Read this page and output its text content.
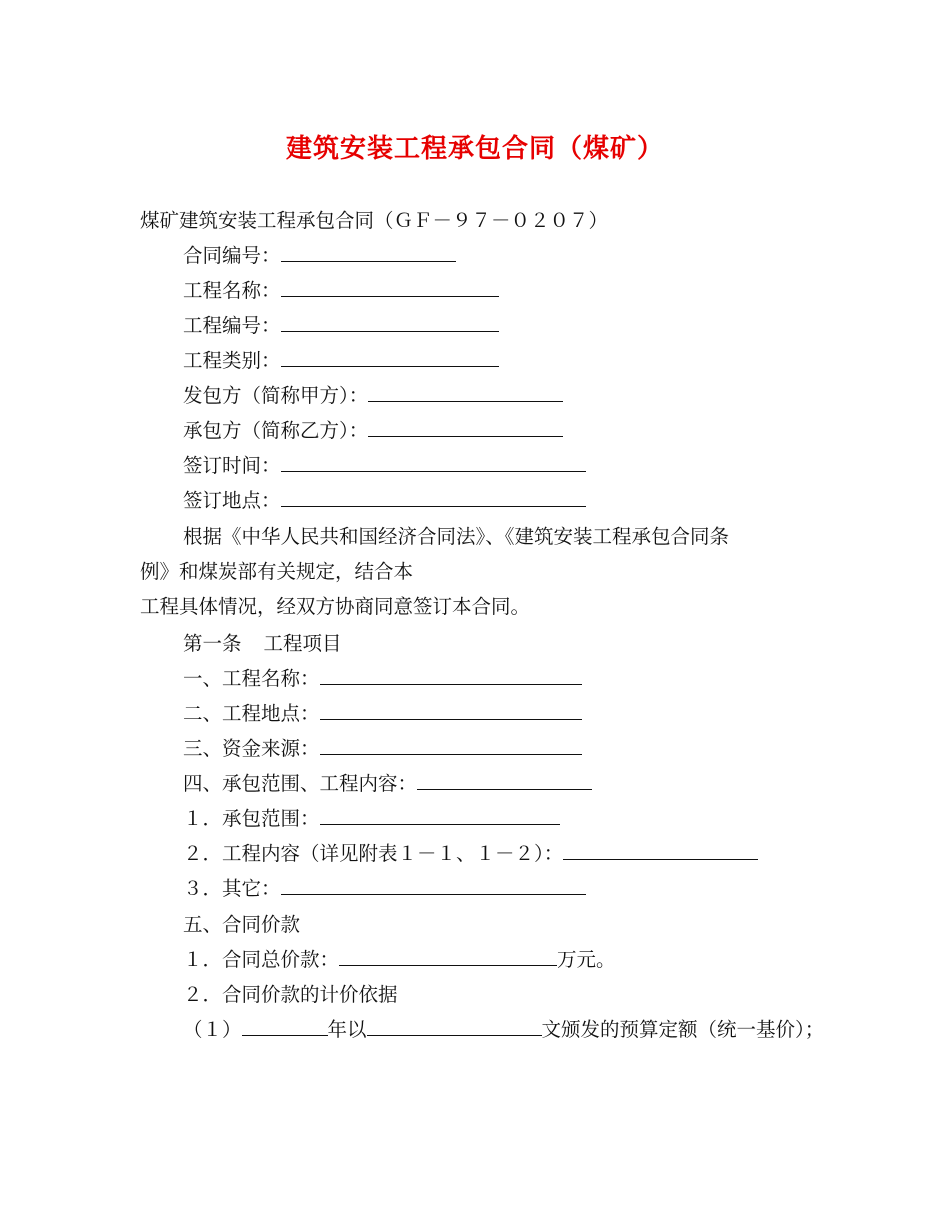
建筑安装工程承包合同（煤矿）
煤矿建筑安装工程承包合同（ＧＦ－９７－０２０７）
合同编号：
工程名称：
工程编号：
工程类别：
发包方（简称甲方）：
承包方（简称乙方）：
签订时间：
签订地点：
根据《中华人民共和国经济合同法》、《建筑安装工程承包合同条
例》和煤炭部有关规定，结合本
工程具体情况，经双方协商同意签订本合同。
第一条 工程项目
一、工程名称：
二、工程地点：
三、资金来源：
四、承包范围、工程内容：
１．承包范围：
２．工程内容（详见附表１－１、１－２）：
３．其它：
五、合同价款
１．合同总价款：	万元。
２．合同价款的计价依据
（１）	年以	文颁发的预算定额（统一基价）；
